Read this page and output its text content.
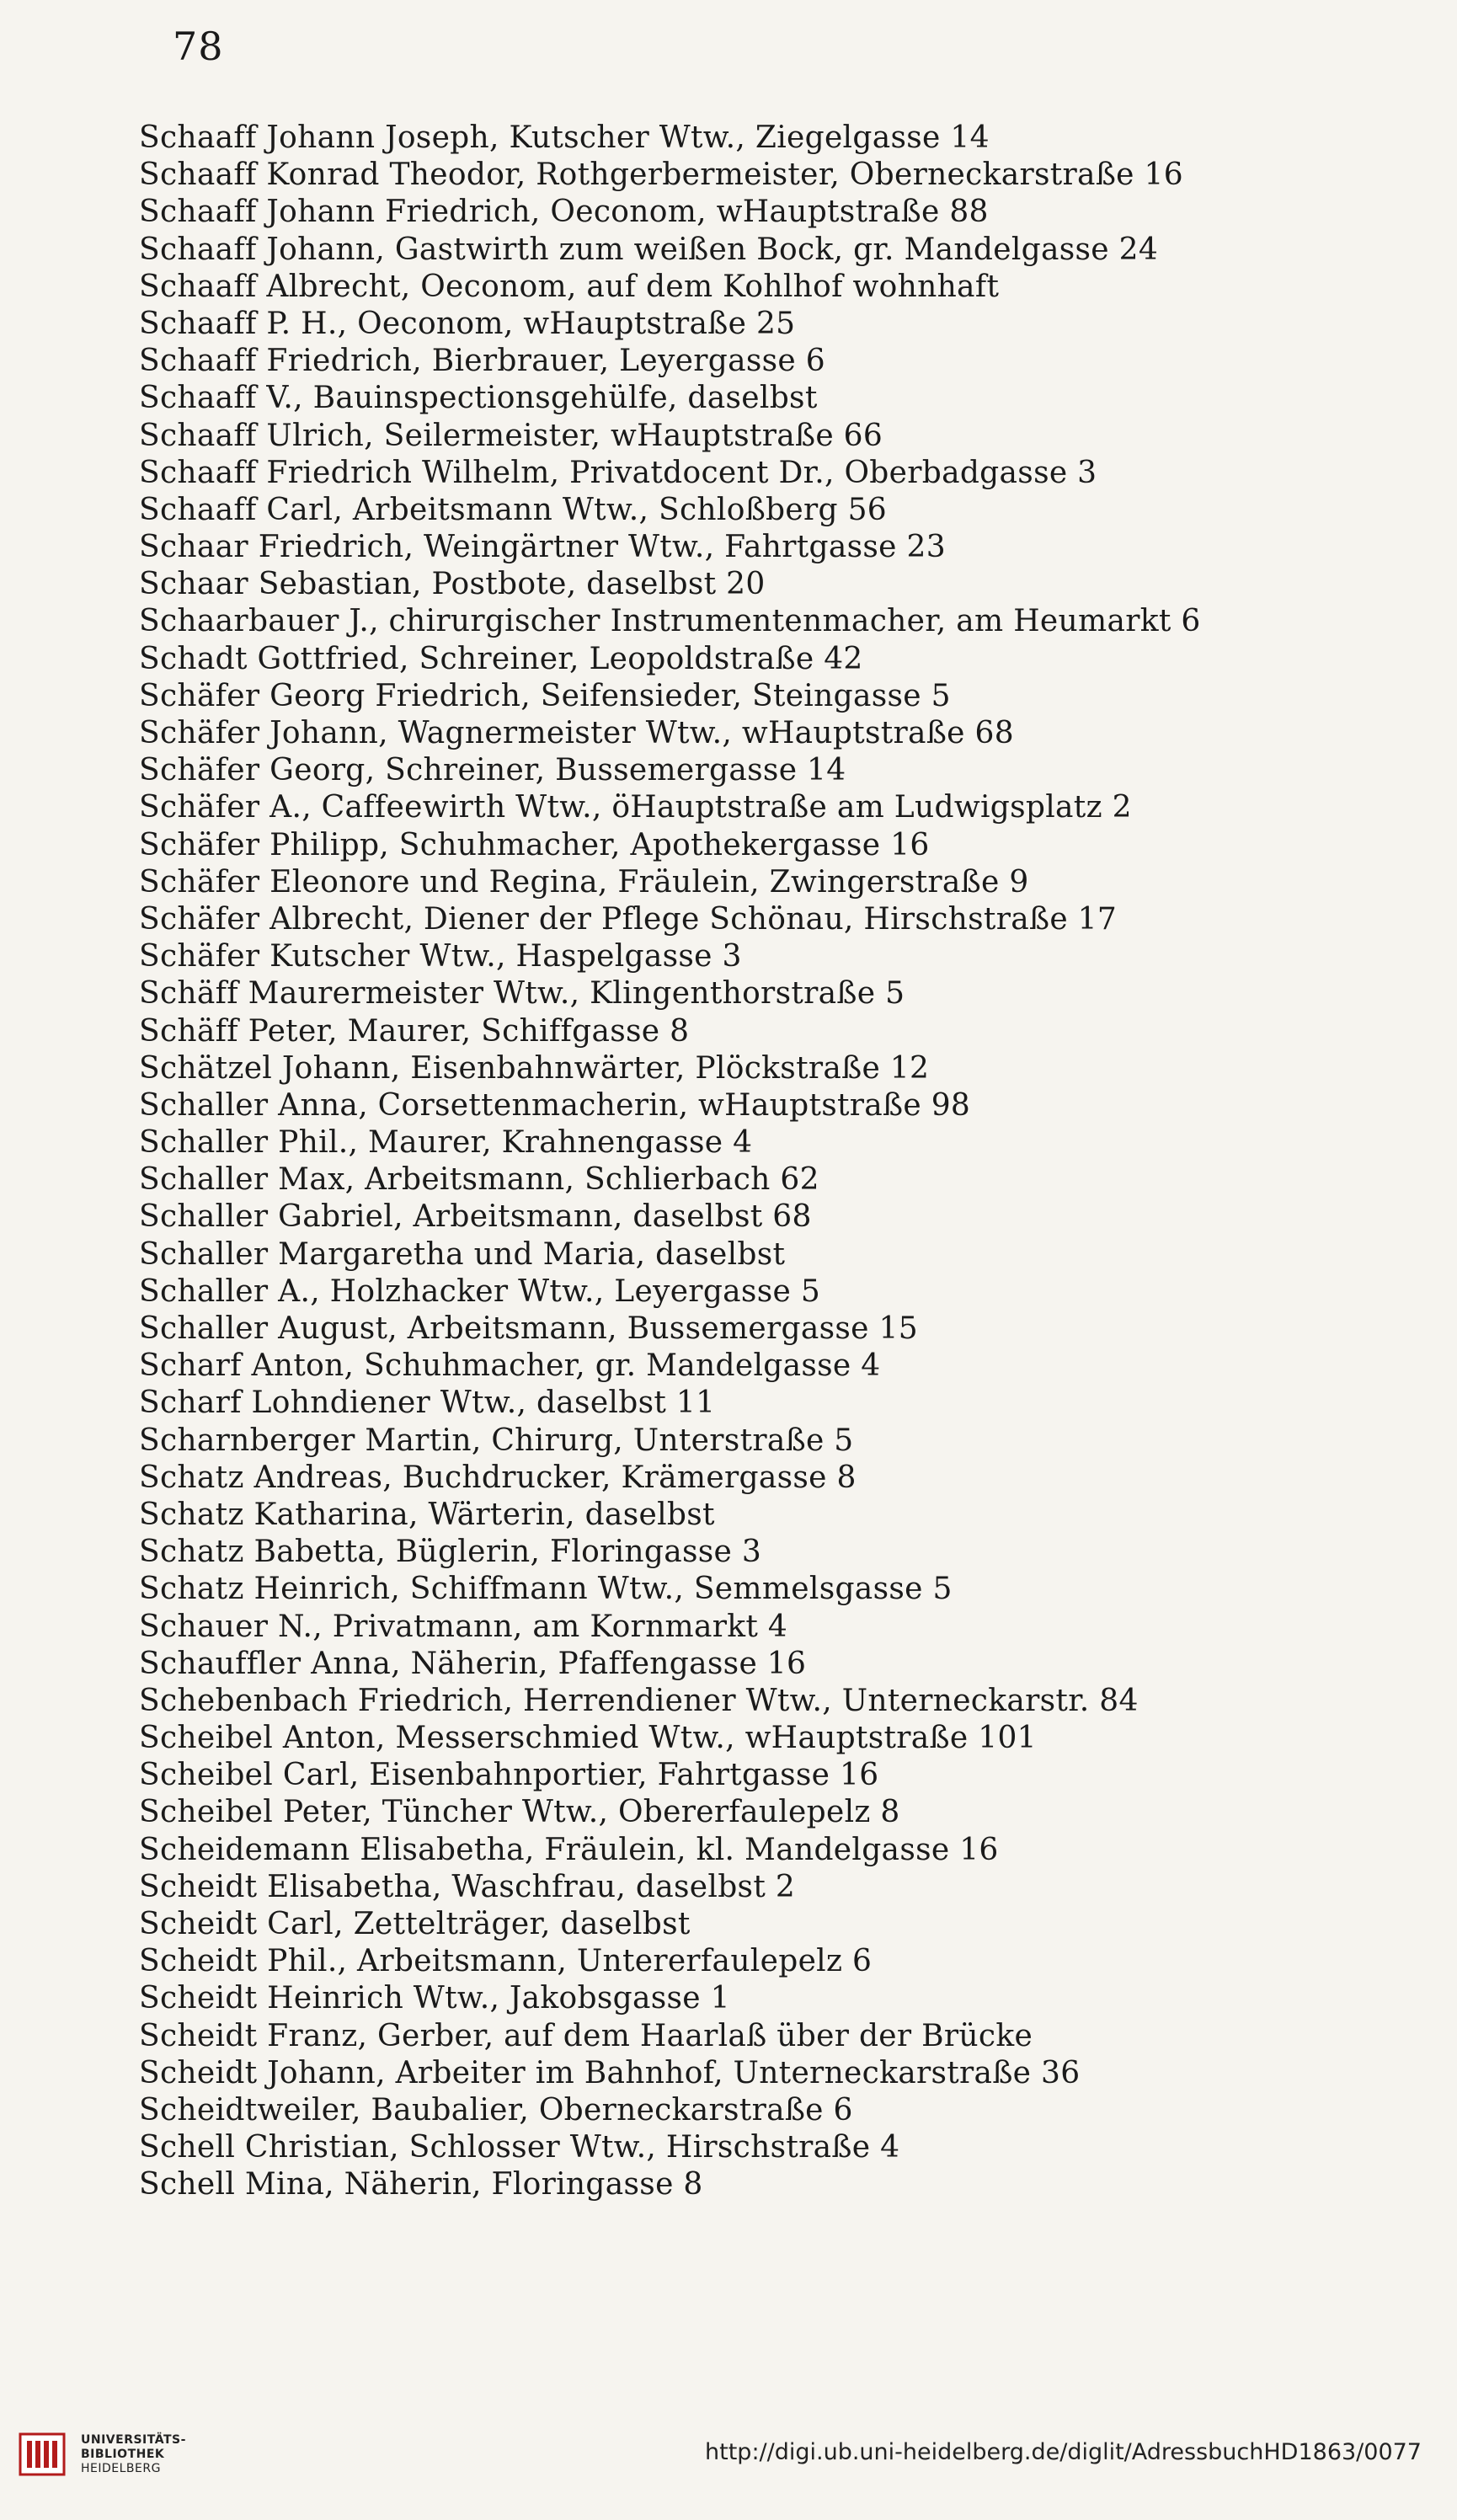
78
Schaaff Johann Joseph, Kutscher Wtw., Ziegelgasse 14
Schaaff Konrad Theodor, Rothgerbermeister, Oberneckarstraße 16
Schaaff Johann Friedrich, Oeconom, wHauptstraße 88
Schaaff Johann, Gastwirth zum weißen Bock, gr. Mandelgasse 24
Schaaff Albrecht, Oeconom, auf dem Kohlhof wohnhaft
Schaaff P. H., Oeconom, wHauptstraße 25
Schaaff Friedrich, Bierbrauer, Leyergasse 6
Schaaff V., Bauinspectionsgehülfe, daselbst
Schaaff Ulrich, Seilermeister, wHauptstraße 66
Schaaff Friedrich Wilhelm, Privatdocent Dr., Oberbadgasse 3
Schaaff Carl, Arbeitsmann Wtw., Schloßberg 56
Schaar Friedrich, Weingärtner Wtw., Fahrtgasse 23
Schaar Sebastian, Postbote, daselbst 20
Schaarbauer J., chirurgischer Instrumentenmacher, am Heumarkt 6
Schadt Gottfried, Schreiner, Leopoldstraße 42
Schäfer Georg Friedrich, Seifensieder, Steingasse 5
Schäfer Johann, Wagnermeister Wtw., wHauptstraße 68
Schäfer Georg, Schreiner, Bussemergasse 14
Schäfer A., Caffeewirth Wtw., öHauptstraße am Ludwigsplatz 2
Schäfer Philipp, Schuhmacher, Apothekergasse 16
Schäfer Eleonore und Regina, Fräulein, Zwingerstraße 9
Schäfer Albrecht, Diener der Pflege Schönau, Hirschstraße 17
Schäfer Kutscher Wtw., Haspelgasse 3
Schäff Maurermeister Wtw., Klingenthorstraße 5
Schäff Peter, Maurer, Schiffgasse 8
Schätzel Johann, Eisenbahnwärter, Plöckstraße 12
Schaller Anna, Corsettenmacherin, wHauptstraße 98
Schaller Phil., Maurer, Krahnengasse 4
Schaller Max, Arbeitsmann, Schlierbach 62
Schaller Gabriel, Arbeitsmann, daselbst 68
Schaller Margaretha und Maria, daselbst
Schaller A., Holzhacker Wtw., Leyergasse 5
Schaller August, Arbeitsmann, Bussemergasse 15
Scharf Anton, Schuhmacher, gr. Mandelgasse 4
Scharf Lohndiener Wtw., daselbst 11
Scharnberger Martin, Chirurg, Unterstraße 5
Schatz Andreas, Buchdrucker, Krämergasse 8
Schatz Katharina, Wärterin, daselbst
Schatz Babetta, Büglerin, Floringasse 3
Schatz Heinrich, Schiffmann Wtw., Semmelsgasse 5
Schauer N., Privatmann, am Kornmarkt 4
Schauffler Anna, Näherin, Pfaffengasse 16
Schebenbach Friedrich, Herrendiener Wtw., Unterneckarstr. 84
Scheibel Anton, Messerschmied Wtw., wHauptstraße 101
Scheibel Carl, Eisenbahnportier, Fahrtgasse 16
Scheibel Peter, Tüncher Wtw., Obererfaulepelz 8
Scheidemann Elisabetha, Fräulein, kl. Mandelgasse 16
Scheidt Elisabetha, Waschfrau, daselbst 2
Scheidt Carl, Zettelträger, daselbst
Scheidt Phil., Arbeitsmann, Untererfaulepelz 6
Scheidt Heinrich Wtw., Jakobsgasse 1
Scheidt Franz, Gerber, auf dem Haarlaß über der Brücke
Scheidt Johann, Arbeiter im Bahnhof, Unterneckarstraße 36
Scheidtweiler, Baubalier, Oberneckarstraße 6
Schell Christian, Schlosser Wtw., Hirschstraße 4
Schell Mina, Näherin, Floringasse 8
UNIVERSITÄTS-
BIBLIOTHEK
HEIDELBERG
http://digi.ub.uni-heidelberg.de/diglit/AdressbuchHD1863/0077
